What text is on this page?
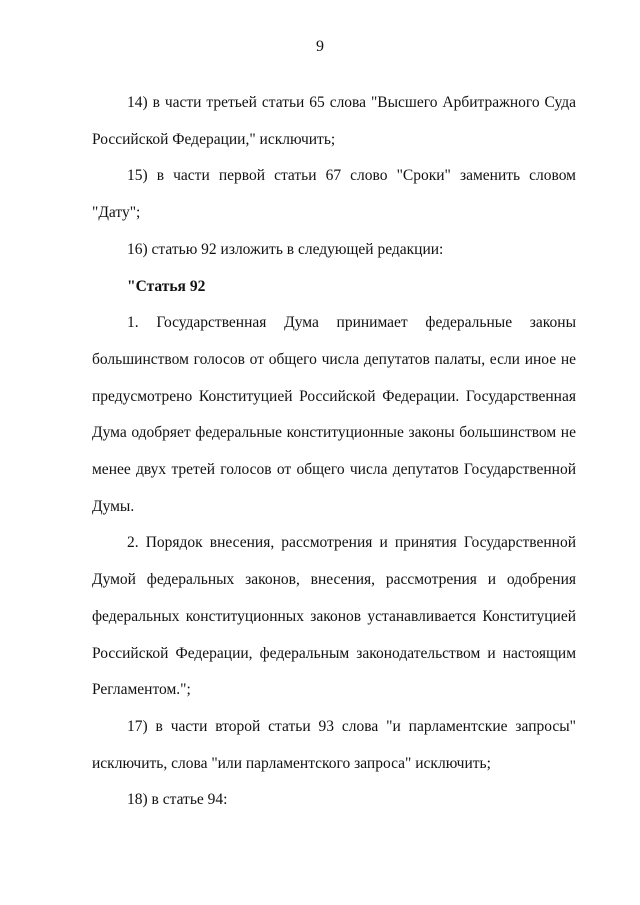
9

14) в части третьей статьи 65 слова "Высшего Арбитражного Суда Российской Федерации," исключить;

15) в части первой статьи 67 слово "Сроки" заменить словом "Дату";

16) статью 92 изложить в следующей редакции:

"Статья 92

1. Государственная Дума принимает федеральные законы большинством голосов от общего числа депутатов палаты, если иное не предусмотрено Конституцией Российской Федерации. Государственная Дума одобряет федеральные конституционные законы большинством не менее двух третей голосов от общего числа депутатов Государственной Думы.

2. Порядок внесения, рассмотрения и принятия Государственной Думой федеральных законов, внесения, рассмотрения и одобрения федеральных конституционных законов устанавливается Конституцией Российской Федерации, федеральным законодательством и настоящим Регламентом.";

17) в части второй статьи 93 слова "и парламентские запросы" исключить, слова "или парламентского запроса" исключить;

18) в статье 94:
